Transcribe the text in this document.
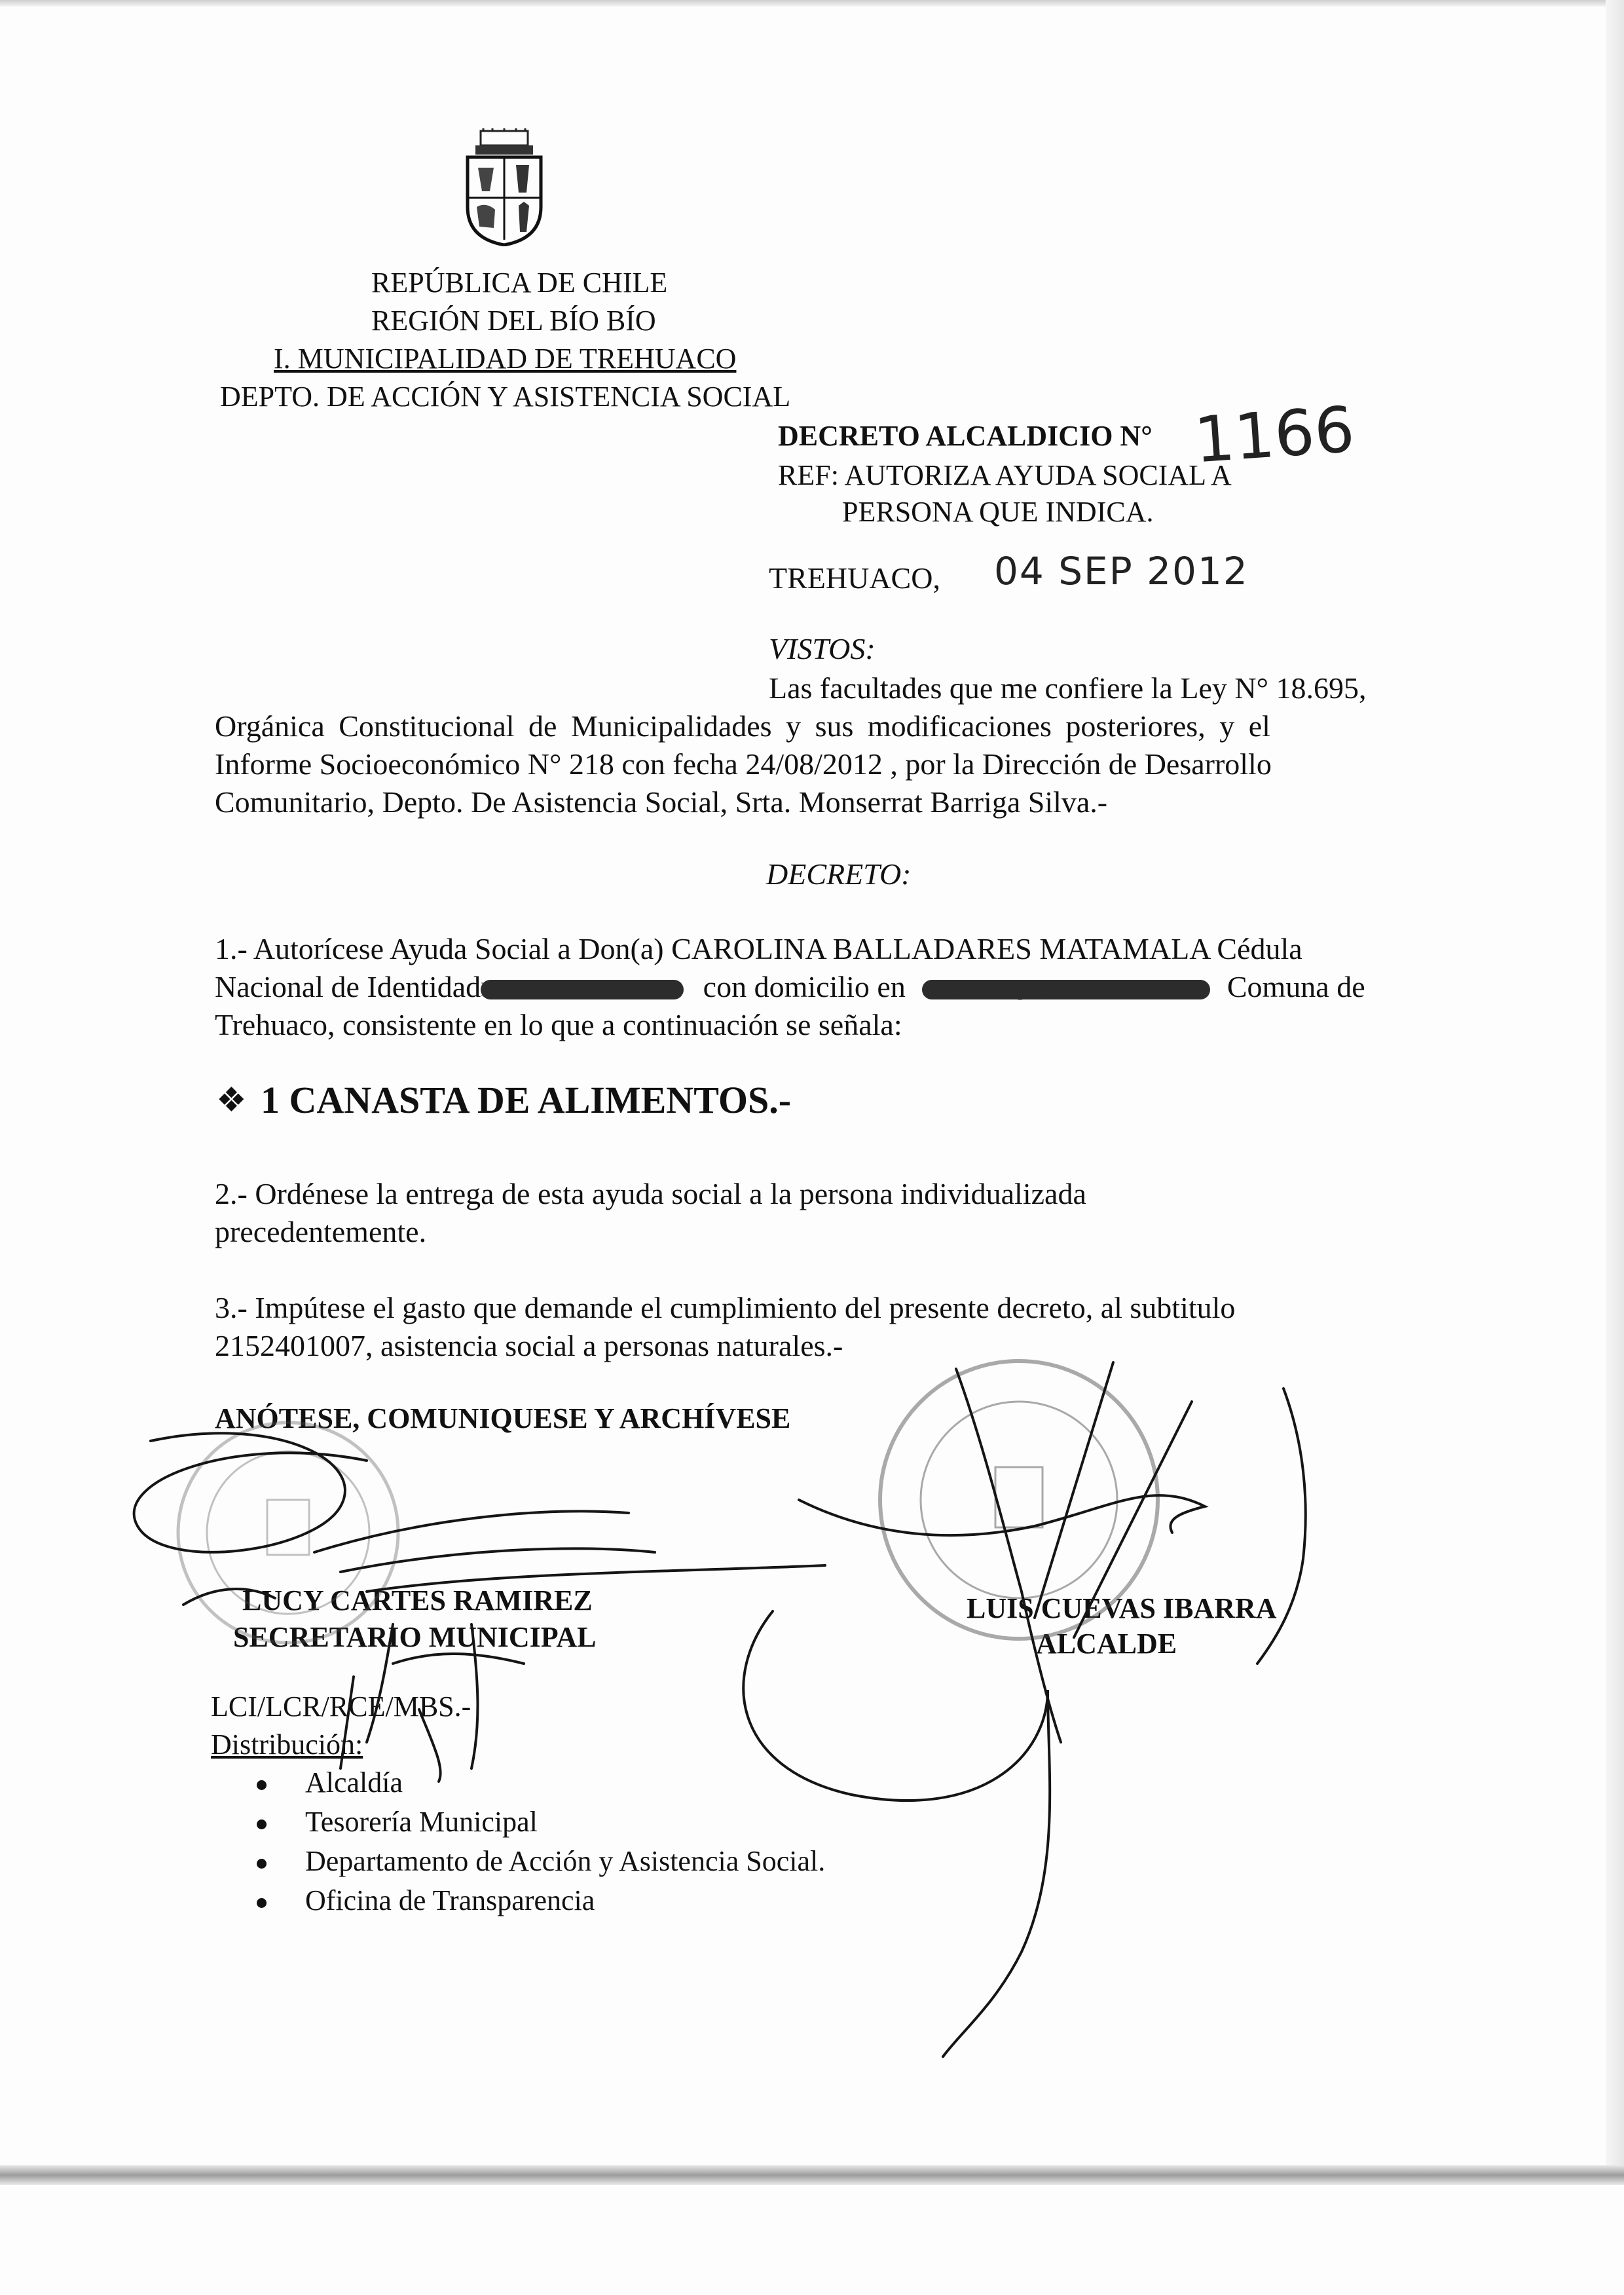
REPÚBLICA DE CHILE
REGIÓN DEL BÍO BÍO
I. MUNICIPALIDAD DE TREHUACO
DEPTO. DE ACCIÓN Y ASISTENCIA SOCIAL
DECRETO ALCALDICIO N° 1166
REF: AUTORIZA AYUDA SOCIAL A
PERSONA QUE INDICA.
TREHUACO, 04 SEP 2012
VISTOS:
Las facultades que me confiere la Ley N° 18.695,
Orgánica Constitucional de Municipalidades y sus modificaciones posteriores, y el
Informe Socioeconómico N° 218 con fecha 24/08/2012 , por la Dirección de Desarrollo
Comunitario, Depto. De Asistencia Social, Srta. Monserrat Barriga Silva.-
DECRETO:
1.- Autorícese Ayuda Social a Don(a) CAROLINA BALLADARES MATAMALA Cédula
Nacional de IdentidadN° 16328126-0	con domicilio en Sector Goropeumo,	Comuna de
Trehuaco, consistente en lo que a continuación se señala:
❖ 1 CANASTA DE ALIMENTOS.-
2.- Ordénese la entrega de esta ayuda social a la persona individualizada
precedentemente.
3.- Impútese el gasto que demande el cumplimiento del presente decreto, al subtitulo
2152401007, asistencia social a personas naturales.-
ANÓTESE, COMUNIQUESE Y ARCHÍVESE
LUCY CARTES RAMIREZ
SECRETARIO MUNICIPAL
LUIS CUEVAS IBARRA
ALCALDE
LCI/LCR/RCE/MBS.-
Distribución:
Alcaldía
Tesorería Municipal
Departamento de Acción y Asistencia Social.
Oficina de Transparencia
